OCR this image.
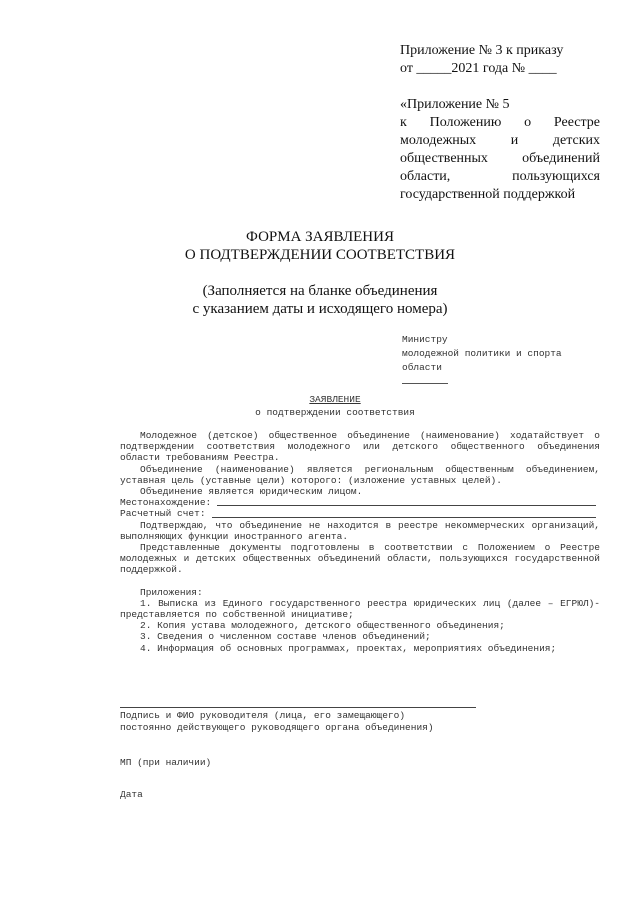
Приложение № 3 к приказу
от _____2021 года № ____
«Приложение № 5
к Положению о Реестре
молодежных и детских
общественных объединений
области, пользующихся
государственной поддержкой
ФОРМА ЗАЯВЛЕНИЯ
О ПОДТВЕРЖДЕНИИ СООТВЕТСТВИЯ
(Заполняется на бланке объединения
с указанием даты и исходящего номера)
Министру
молодежной политики и спорта
области
ЗАЯВЛЕНИЕ
о подтверждении соответствия

Молодежное (детское) общественное объединение (наименование) ходатайствует о подтверждении соответствия молодежного или детского общественного объединения области требованиям Реестра.

Объединение (наименование) является региональным общественным объединением, уставная цель (уставные цели) которого: (изложение уставных целей).

Объединение является юридическим лицом.

Местонахождение:
Расчетный счет:

Подтверждаю, что объединение не находится в реестре некоммерческих организаций, выполняющих функции иностранного агента.

Представленные документы подготовлены в соответствии с Положением о Реестре молодежных и детских общественных объединений области, пользующихся государственной поддержкой.

Приложения:

1. Выписка из Единого государственного реестра юридических лиц (далее – ЕГРЮЛ)- представляется по собственной инициативе;

2. Копия устава молодежного, детского общественного объединения;

3. Сведения о численном составе членов объединений;

4. Информация об основных программах, проектах, мероприятиях объединения;

Подпись и ФИО руководителя (лица, его замещающего)
постоянно действующего руководящего органа объединения)
МП (при наличии)
Дата
